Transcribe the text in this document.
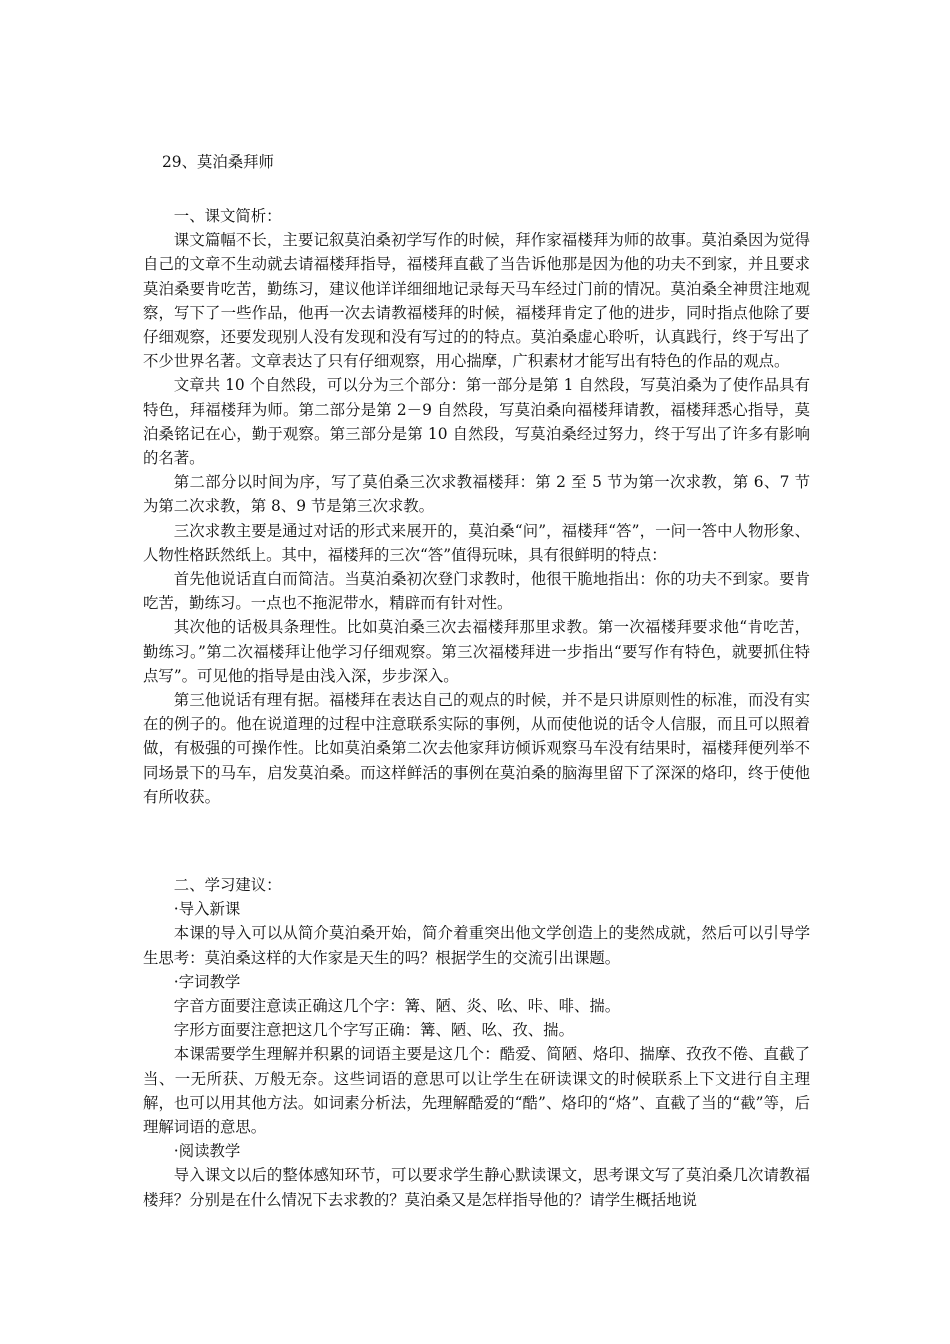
29、莫泊桑拜师

一、课文简析：

课文篇幅不长，主要记叙莫泊桑初学写作的时候，拜作家福楼拜为师的故事。莫泊桑因为觉得自己的文章不生动就去请福楼拜指导，福楼拜直截了当告诉他那是因为他的功夫不到家，并且要求莫泊桑要肯吃苦，勤练习，建议他详详细细地记录每天马车经过门前的情况。莫泊桑全神贯注地观察，写下了一些作品，他再一次去请教福楼拜的时候，福楼拜肯定了他的进步，同时指点他除了要仔细观察，还要发现别人没有发现和没有写过的的特点。莫泊桑虚心聆听，认真践行，终于写出了不少世界名著。文章表达了只有仔细观察，用心揣摩，广积素材才能写出有特色的作品的观点。

文章共 10 个自然段，可以分为三个部分：第一部分是第 1 自然段，写莫泊桑为了使作品具有特色，拜福楼拜为师。第二部分是第 2－9 自然段，写莫泊桑向福楼拜请教，福楼拜悉心指导，莫泊桑铭记在心，勤于观察。第三部分是第 10 自然段，写莫泊桑经过努力，终于写出了许多有影响的名著。

第二部分以时间为序，写了莫伯桑三次求教福楼拜：第 2 至 5 节为第一次求教，第 6、7 节为第二次求教，第 8、9 节是第三次求教。

三次求教主要是通过对话的形式来展开的，莫泊桑“问”，福楼拜“答”，一问一答中人物形象、人物性格跃然纸上。其中，福楼拜的三次“答”值得玩味，具有很鲜明的特点：

首先他说话直白而简洁。当莫泊桑初次登门求教时，他很干脆地指出：你的功夫不到家。要肯吃苦，勤练习。一点也不拖泥带水，精辟而有针对性。

其次他的话极具条理性。比如莫泊桑三次去福楼拜那里求教。第一次福楼拜要求他“肯吃苦，勤练习。”第二次福楼拜让他学习仔细观察。第三次福楼拜进一步指出“要写作有特色，就要抓住特点写”。可见他的指导是由浅入深，步步深入。

第三他说话有理有据。福楼拜在表达自己的观点的时候，并不是只讲原则性的标准，而没有实在的例子的。他在说道理的过程中注意联系实际的事例，从而使他说的话令人信服，而且可以照着做，有极强的可操作性。比如莫泊桑第二次去他家拜访倾诉观察马车没有结果时，福楼拜便列举不同场景下的马车，启发莫泊桑。而这样鲜活的事例在莫泊桑的脑海里留下了深深的烙印，终于使他有所收获。

二、学习建议：

·导入新课

本课的导入可以从简介莫泊桑开始，简介着重突出他文学创造上的斐然成就，然后可以引导学生思考：莫泊桑这样的大作家是天生的吗？根据学生的交流引出课题。

·字词教学

字音方面要注意读正确这几个字：篝、陋、炎、吆、咔、啡、揣。

字形方面要注意把这几个字写正确：篝、陋、吆、孜、揣。

本课需要学生理解并积累的词语主要是这几个：酷爱、简陋、烙印、揣摩、孜孜不倦、直截了当、一无所获、万般无奈。这些词语的意思可以让学生在研读课文的时候联系上下文进行自主理解，也可以用其他方法。如词素分析法，先理解酷爱的“酷”、烙印的“烙”、直截了当的“截”等，后理解词语的意思。

·阅读教学

导入课文以后的整体感知环节，可以要求学生静心默读课文，思考课文写了莫泊桑几次请教福楼拜？分别是在什么情况下去求教的？莫泊桑又是怎样指导他的？请学生概括地说
